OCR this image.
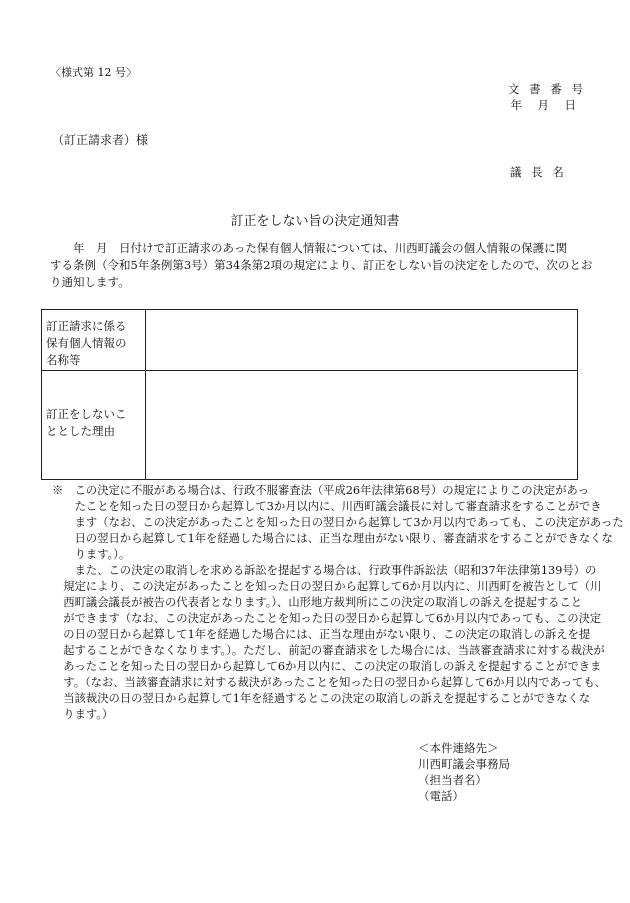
〈様式第 12 号〉
文 書 番 号
年　月　日
（訂正請求者）様
議 長 名
訂正をしない旨の決定通知書
　　年　月　日付けで訂正請求のあった保有個人情報については、川西町議会の個人情報の保護に関
する条例（令和5年条例第3号）第34条第2項の規定により、訂正をしない旨の決定をしたので、次のとお
り通知します。
訂正請求に係る
保有個人情報の
名称等	

訂正をしないこ
ととした理由	

※　この決定に不服がある場合は、行政不服審査法（平成26年法律第68号）の規定によりこの決定があっ
　　たことを知った日の翌日から起算して3か月以内に、川西町議会議長に対して審査請求をすることができ
　　ます（なお、この決定があったことを知った日の翌日から起算して3か月以内であっても、この決定があった
　　日の翌日から起算して1年を経過した場合には、正当な理由がない限り、審査請求をすることができなくな
　　ります。）。
　　また、この決定の取消しを求める訴訟を提起する場合は、行政事件訴訟法（昭和37年法律第139号）の
　規定により、この決定があったことを知った日の翌日から起算して6か月以内に、川西町を被告として（川
　西町議会議長が被告の代表者となります。）、山形地方裁判所にこの決定の取消しの訴えを提起すること
　ができます（なお、この決定があったことを知った日の翌日から起算して6か月以内であっても、この決定
　の日の翌日から起算して1年を経過した場合には、正当な理由がない限り、この決定の取消しの訴えを提
　起することができなくなります。）。ただし、前記の審査請求をした場合には、当該審査請求に対する裁決が
　あったことを知った日の翌日から起算して6か月以内に、この決定の取消しの訴えを提起することができま
　す。（なお、当該審査請求に対する裁決があったことを知った日の翌日から起算して6か月以内であっても、
　当該裁決の日の翌日から起算して1年を経過するとこの決定の取消しの訴えを提起することができなくな
　ります。）
＜本件連絡先＞
川西町議会事務局
（担当者名）
（電話）
